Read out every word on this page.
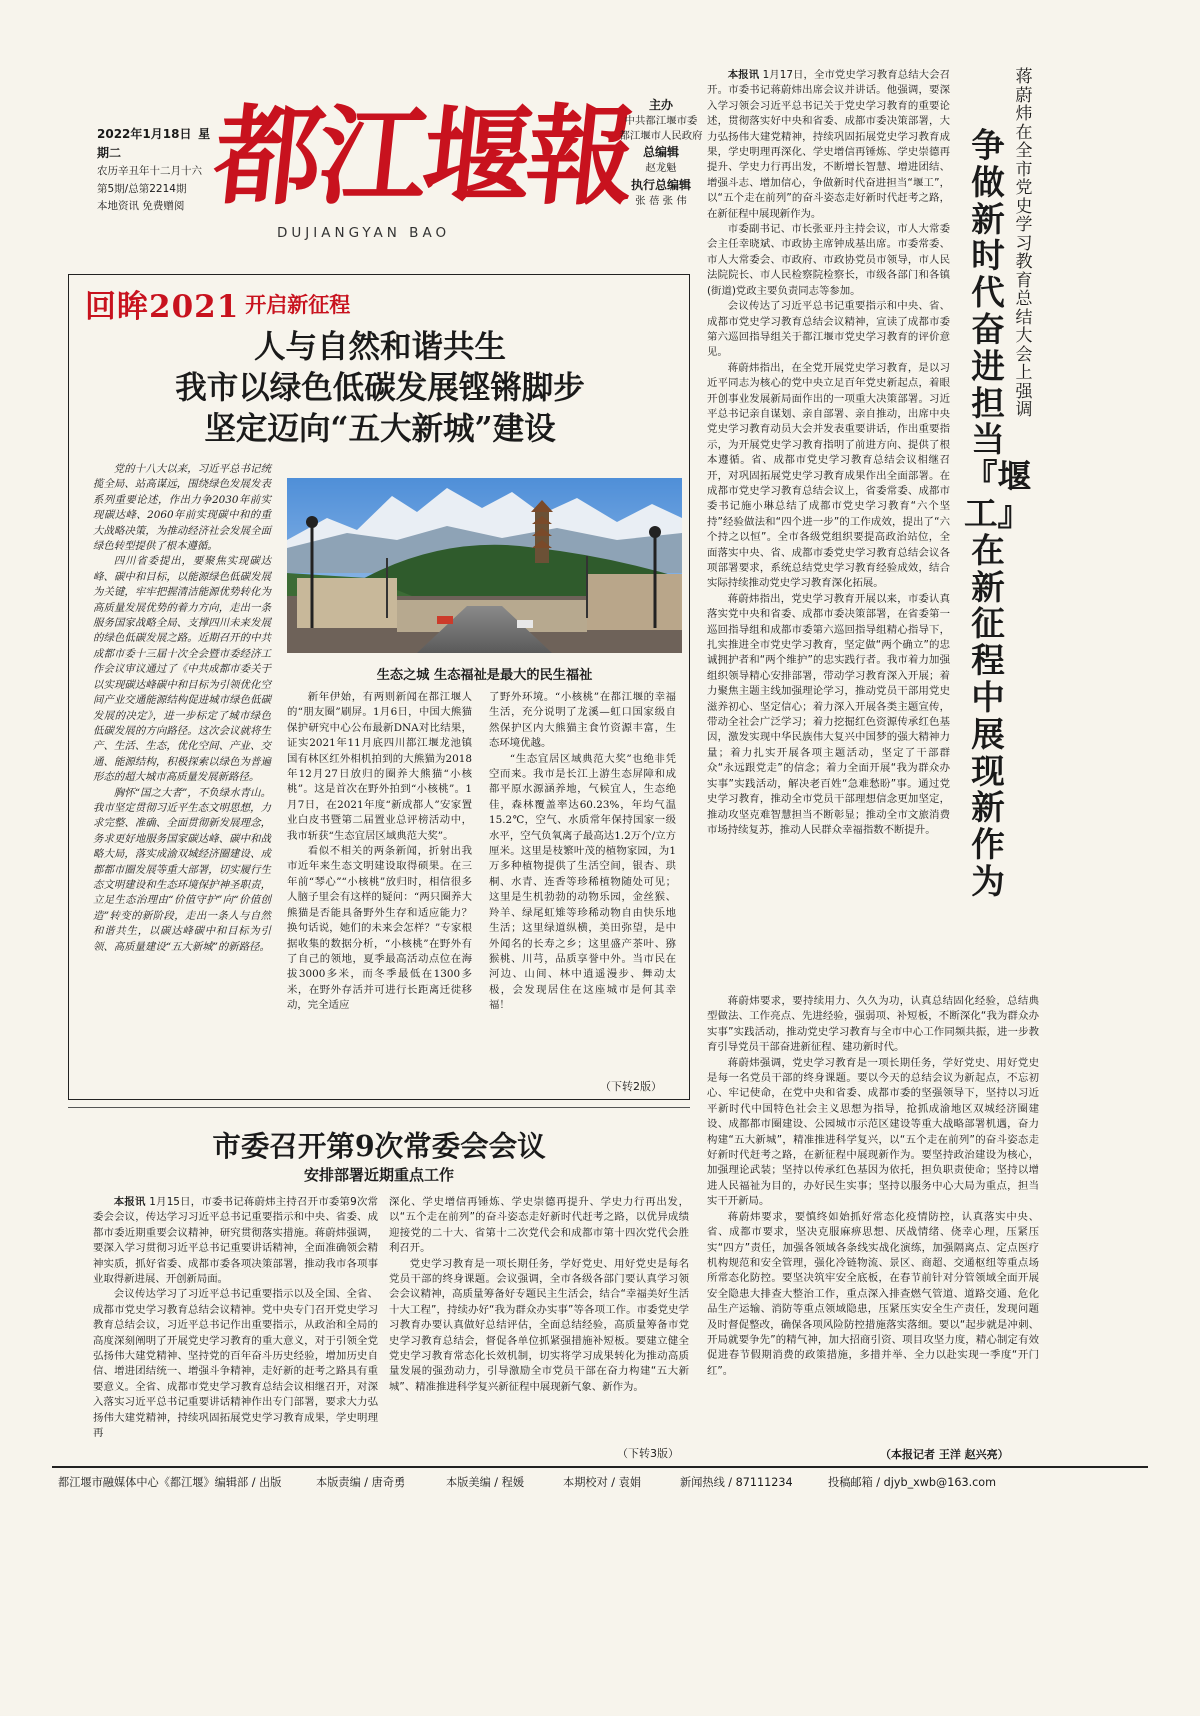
2022年1月18日 星期二
农历辛丑年十二月十六
第5期/总第2214期
本地资讯 免费赠阅 都江堰報
DUJIANGYAN BAO
主办
中共都江堰市委
都江堰市人民政府
总编辑
赵龙魁
执行总编辑
张 蓓 张 伟
回眸2021 开启新征程
人与自然和谐共生
我市以绿色低碳发展铿锵脚步
坚定迈向“五大新城”建设

党的十八大以来，习近平总书记统揽全局、站高谋远，围绕绿色发展发表系列重要论述，作出力争2030年前实现碳达峰、2060年前实现碳中和的重大战略决策，为推动经济社会发展全面绿色转型提供了根本遵循。

四川省委提出，要聚焦实现碳达峰、碳中和目标，以能源绿色低碳发展为关键，牢牢把握清洁能源优势转化为高质量发展优势的着力方向，走出一条服务国家战略全局、支撑四川未来发展的绿色低碳发展之路。近期召开的中共成都市委十三届十次全会暨市委经济工作会议审议通过了《中共成都市委关于以实现碳达峰碳中和目标为引领优化空间产业交通能源结构促进城市绿色低碳发展的决定》，进一步标定了城市绿色低碳发展的方向路径。这次会议就将生产、生活、生态，优化空间、产业、交通、能源结构，积极探索以绿色为普遍形态的超大城市高质量发展新路径。

胸怀“国之大者”，不负绿水青山。我市坚定贯彻习近平生态文明思想，力求完整、准确、全面贯彻新发展理念，务求更好地服务国家碳达峰、碳中和战略大局，落实成渝双城经济圈建设、成都都市圈发展等重大部署，切实履行生态文明建设和生态环境保护神圣职责，立足生态治理由“价值守护”向“价值创造”转变的新阶段，走出一条人与自然和谐共生，以碳达峰碳中和目标为引领、高质量建设“五大新城”的新路径。

生态之城 生态福祉是最大的民生福祉

新年伊始，有两则新闻在都江堰人的“朋友圈”刷屏。1月6日，中国大熊猫保护研究中心公布最新DNA对比结果，证实2021年11月底四川都江堰龙池镇国有林区红外相机拍到的大熊猫为2018年12月27日放归的圈养大熊猫“小核桃”。这是首次在野外拍到“小核桃”。1月7日，在2021年度“新成都人”安家置业白皮书暨第二届置业总评榜活动中，我市斩获“生态宜居区域典范大奖”。

看似不相关的两条新闻，折射出我市近年来生态文明建设取得硕果。在三年前“琴心”“小核桃”放归时，相信很多人脑子里会有这样的疑问：“两只圈养大熊猫是否能具备野外生存和适应能力？换句话说，她们的未来会怎样？”专家根据收集的数据分析，“小核桃”在野外有了自己的领地，夏季最高活动点位在海拔3000多米，而冬季最低在1300多米，在野外存活并可进行长距离迁徙移动，完全适应

了野外环境。“小核桃”在都江堰的幸福生活，充分说明了龙溪—虹口国家级自然保护区内大熊猫主食竹资源丰富，生态环境优越。

“生态宜居区域典范大奖”也绝非凭空而来。我市是长江上游生态屏障和成都平原水源涵养地，气候宜人，生态绝佳，森林覆盖率达60.23%，年均气温15.2℃，空气、水质常年保持国家一级水平，空气负氧离子最高达1.2万个/立方厘米。这里是枝繁叶茂的植物家园，为1万多种植物提供了生活空间，银杏、珙桐、水青、连香等珍稀植物随处可见；这里是生机勃勃的动物乐园，金丝猴、羚羊、绿尾虹雉等珍稀动物自由快乐地生活；这里绿道纵横，美田弥望，是中外闻名的长寿之乡；这里盛产茶叶、猕猴桃、川芎，品质享誉中外。当市民在河边、山间、林中逍遥漫步、舞动太极，会发现居住在这座城市是何其幸福！

（下转2版）
市委召开第9次常委会会议
安排部署近期重点工作

本报讯 1月15日，市委书记蒋蔚炜主持召开市委第9次常委会会议，传达学习习近平总书记重要指示和中央、省委、成都市委近期重要会议精神，研究贯彻落实措施。蒋蔚炜强调，要深入学习贯彻习近平总书记重要讲话精神，全面准确领会精神实质，抓好省委、成都市委各项决策部署，推动我市各项事业取得新进展、开创新局面。

会议传达学习了习近平总书记重要指示以及全国、全省、成都市党史学习教育总结会议精神。党中央专门召开党史学习教育总结会议，习近平总书记作出重要指示，从政治和全局的高度深刻阐明了开展党史学习教育的重大意义，对于引领全党弘扬伟大建党精神、坚持党的百年奋斗历史经验，增加历史自信、增进团结统一、增强斗争精神，走好新的赶考之路具有重要意义。全省、成都市党史学习教育总结会议相继召开，对深入落实习近平总书记重要讲话精神作出专门部署，要求大力弘扬伟大建党精神，持续巩固拓展党史学习教育成果，学史明理再

深化、学史增信再锤炼、学史崇德再提升、学史力行再出发，以“五个走在前列”的奋斗姿态走好新时代赶考之路，以优异成绩迎接党的二十大、省第十二次党代会和成都市第十四次党代会胜利召开。

党史学习教育是一项长期任务，学好党史、用好党史是每名党员干部的终身课题。会议强调，全市各级各部门要认真学习领会会议精神，高质量筹备好专题民主生活会，结合“幸福美好生活十大工程”，持续办好“我为群众办实事”等各项工作。市委党史学习教育办要认真做好总结评估，全面总结经验，高质量筹备市党史学习教育总结会，督促各单位抓紧强措施补短板。要建立健全党史学习教育常态化长效机制，切实将学习成果转化为推动高质量发展的强劲动力，引导激励全市党员干部在奋力构建“五大新城”、精准推进科学复兴新征程中展现新气象、新作为。

（下转3版）

本报讯 1月17日，全市党史学习教育总结大会召开。市委书记蒋蔚炜出席会议并讲话。他强调，要深入学习领会习近平总书记关于党史学习教育的重要论述，贯彻落实好中央和省委、成都市委决策部署，大力弘扬伟大建党精神，持续巩固拓展党史学习教育成果，学史明理再深化、学史增信再锤炼、学史崇德再提升、学史力行再出发，不断增长智慧、增进团结、增强斗志、增加信心，争做新时代奋进担当“堰工”，以“五个走在前列”的奋斗姿态走好新时代赶考之路，在新征程中展现新作为。

市委副书记、市长张亚丹主持会议，市人大常委会主任幸晓斌、市政协主席钟成基出席。市委常委、市人大常委会、市政府、市政协党员市领导，市人民法院院长、市人民检察院检察长，市级各部门和各镇(街道)党政主要负责同志等参加。

会议传达了习近平总书记重要指示和中央、省、成都市党史学习教育总结会议精神，宣读了成都市委第六巡回指导组关于都江堰市党史学习教育的评价意见。

蒋蔚炜指出，在全党开展党史学习教育，是以习近平同志为核心的党中央立足百年党史新起点，着眼开创事业发展新局面作出的一项重大决策部署。习近平总书记亲自谋划、亲自部署、亲自推动，出席中央党史学习教育动员大会并发表重要讲话，作出重要指示，为开展党史学习教育指明了前进方向、提供了根本遵循。省、成都市党史学习教育总结会议相继召开，对巩固拓展党史学习教育成果作出全面部署。在成都市党史学习教育总结会议上，省委常委、成都市委书记施小琳总结了成都市党史学习教育“六个坚持”经验做法和“四个进一步”的工作成效，提出了“六个持之以恒”。全市各级党组织要提高政治站位，全面落实中央、省、成都市委党史学习教育总结会议各项部署要求，系统总结党史学习教育经验成效，结合实际持续推动党史学习教育深化拓展。

蒋蔚炜指出，党史学习教育开展以来，市委认真落实党中央和省委、成都市委决策部署，在省委第一巡回指导组和成都市委第六巡回指导组精心指导下，扎实推进全市党史学习教育，坚定做“两个确立”的忠诚拥护者和“两个维护”的忠实践行者。我市着力加强组织领导精心安排部署，带动学习教育深入开展；着力聚焦主题主线加强理论学习，推动党员干部用党史滋养初心、坚定信心；着力深入开展各类主题宣传，带动全社会广泛学习；着力挖掘红色资源传承红色基因，激发实现中华民族伟大复兴中国梦的强大精神力量；着力扎实开展各项主题活动，坚定了干部群众“永远跟党走”的信念；着力全面开展“我为群众办实事”实践活动，解决老百姓“急难愁盼”事。通过党史学习教育，推动全市党员干部理想信念更加坚定，推动攻坚克难智慧担当不断彰显；推动全市文旅消费市场持续复苏，推动人民群众幸福指数不断提升。

蒋蔚炜要求，要持续用力、久久为功，认真总结固化经验，总结典型做法、工作亮点、先进经验，强弱项、补短板，不断深化“我为群众办实事”实践活动，推动党史学习教育与全市中心工作同频共振，进一步教育引导党员干部奋进新征程、建功新时代。

蒋蔚炜强调，党史学习教育是一项长期任务，学好党史、用好党史是每一名党员干部的终身课题。要以今天的总结会议为新起点，不忘初心、牢记使命，在党中央和省委、成都市委的坚强领导下，坚持以习近平新时代中国特色社会主义思想为指导，抢抓成渝地区双城经济圈建设、成都都市圈建设、公园城市示范区建设等重大战略部署机遇，奋力构建“五大新城”，精准推进科学复兴，以“五个走在前列”的奋斗姿态走好新时代赶考之路，在新征程中展现新作为。要坚持政治建设为核心，加强理论武装；坚持以传承红色基因为依托，担负职责使命；坚持以增进人民福祉为目的，办好民生实事；坚持以服务中心大局为重点，担当实干开新局。

蒋蔚炜要求，要慎终如始抓好常态化疫情防控，认真落实中央、省、成都市要求，坚决克服麻痹思想、厌战情绪、侥幸心理，压紧压实“四方”责任，加强各领域各条线实战化演练，加强隔离点、定点医疗机构规范和安全管理，强化冷链物流、景区、商超、交通枢纽等重点场所常态化防控。要坚决筑牢安全底板，在春节前针对分管领域全面开展安全隐患大排查大整治工作，重点深入排查燃气管道、道路交通、危化品生产运输、消防等重点领域隐患，压紧压实安全生产责任，发现问题及时督促整改，确保各项风险防控措施落实落细。要以“起步就是冲刺、开局就要争先”的精气神，加大招商引资、项目攻坚力度，精心制定有效促进春节假期消费的政策措施，多措并举、全力以赴实现一季度“开门红”。

（本报记者 王洋 赵兴亮）
蒋蔚炜在全市党史学习教育总结大会上强调
争做新时代奋进担当『堰工』在新征程中展现新作为
都江堰市融媒体中心《都江堰》编辑部 / 出版	本版责编 / 唐奇勇	本版美编 / 程媛	本期校对 / 袁娟	新闻热线 / 87111234	投稿邮箱 / djyb_xwb@163.com
